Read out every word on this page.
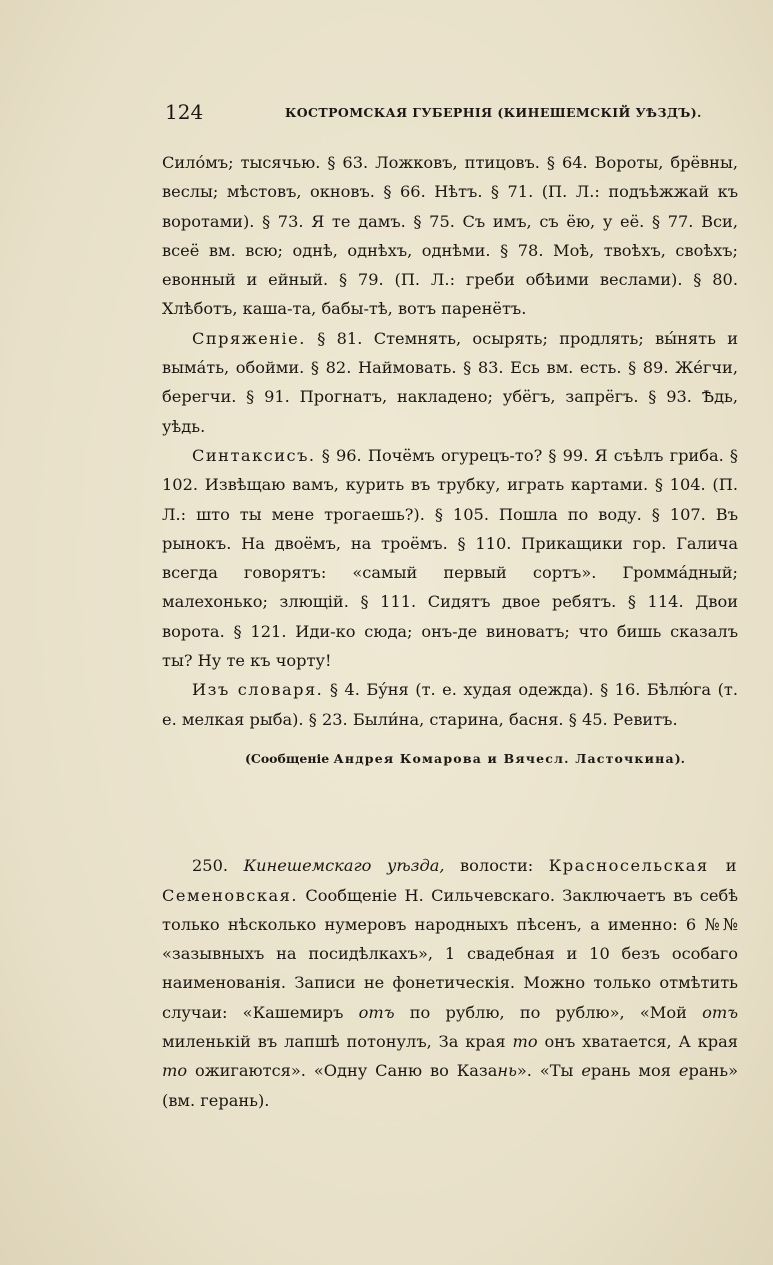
124	КОСТРОМСКАЯ ГУБЕРНІЯ (КИНЕШЕМСКІЙ УѢЗДЪ).

Сило́мъ; тысячью. § 63. Ложковъ, птицовъ. § 64. Вороты, брёвны, веслы; мѣстовъ, окновъ. § 66. Нѣтъ. § 71. (П. Л.: подъѣжжай къ воротами). § 73. Я те дамъ. § 75. Съ имъ, съ ёю, у её. § 77. Вси, всеё вм. всю; однѣ, однѣхъ, однѣми. § 78. Моѣ, твоѣхъ, своѣхъ; евонный и ейный. § 79. (П. Л.: греби обѣими веслами). § 80. Хлѣботъ, каша-та, бабы-тѣ, вотъ паренётъ.

Спряженіе. § 81. Стемнять, осырять; продлять; вы́нять и выма́ть, обойми. § 82. Наймовать. § 83. Есь вм. есть. § 89. Же́гчи, берегчи. § 91. Прогнатъ, накладено; убёгъ, запрёгъ. § 93. Ѣдь, уѣдь.

Синтаксисъ. § 96. Почёмъ огурецъ-то? § 99. Я съѣлъ гриба. § 102. Извѣщаю вамъ, курить въ трубку, играть картами. § 104. (П. Л.: што ты мене трогаешь?). § 105. Пошла по воду. § 107. Въ рынокъ. На двоёмъ, на троёмъ. § 110. Прикащики гор. Галича всегда говорятъ: «самый первый сортъ». Громма́дный; малехонько; злющій. § 111. Сидятъ двое ребятъ. § 114. Двои ворота. § 121. Иди-ко сюда; онъ-де виноватъ; что бишь сказалъ ты? Ну те къ чорту!

Изъ словаря. § 4. Бу́ня (т. е. худая одежда). § 16. Бѣлю́га (т. е. мелкая рыба). § 23. Были́на, старина, басня. § 45. Ревитъ.

(Сообщеніе Андрея Комарова и Вячесл. Ласточкина).

250. Кинешемскаго уѣзда, волости: Красносельская и Семеновская. Сообщеніе Н. Сильчевскаго. Заключаетъ въ себѣ только нѣсколько нумеровъ народныхъ пѣсенъ, а именно: 6 №№ «зазывныхъ на посидѣлкахъ», 1 свадебная и 10 безъ особаго наименованія. Записи не фонетическія. Можно только отмѣтить случаи: «Кашемиръ отъ по рублю, по рублю», «Мой отъ миленькій въ лапшѣ потонулъ, За края то онъ хватается, А края то ожигаются». «Одну Саню во Казань». «Ты ерань моя ерань» (вм. герань).
